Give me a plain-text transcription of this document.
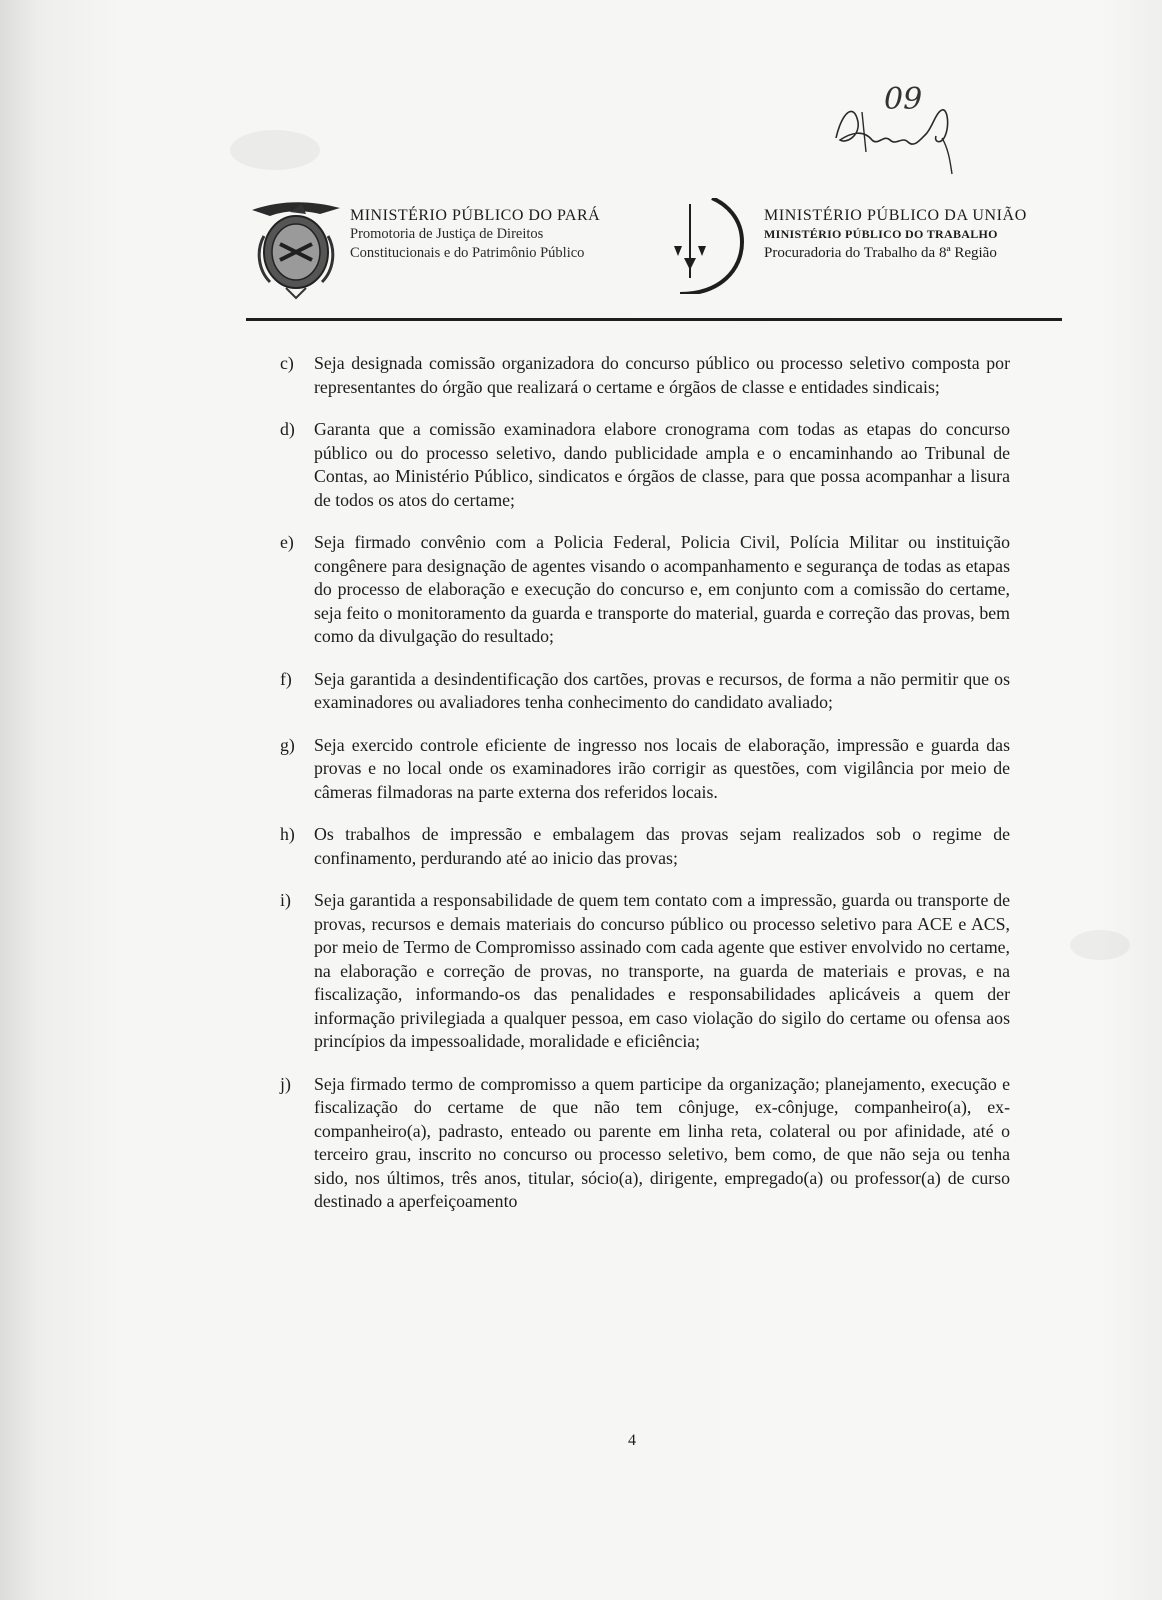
09
MINISTÉRIO PÚBLICO DO PARÁ
Promotoria de Justiça de Direitos
Constitucionais e do Patrimônio Público
MINISTÉRIO PÚBLICO DA UNIÃO
MINISTÉRIO PÚBLICO DO TRABALHO
Procuradoria do Trabalho da 8ª Região
c) Seja designada comissão organizadora do concurso público ou processo seletivo composta por representantes do órgão que realizará o certame e órgãos de classe e entidades sindicais;
d) Garanta que a comissão examinadora elabore cronograma com todas as etapas do concurso público ou do processo seletivo, dando publicidade ampla e o encaminhando ao Tribunal de Contas, ao Ministério Público, sindicatos e órgãos de classe, para que possa acompanhar a lisura de todos os atos do certame;
e) Seja firmado convênio com a Policia Federal, Policia Civil, Polícia Militar ou instituição congênere para designação de agentes visando o acompanhamento e segurança de todas as etapas do processo de elaboração e execução do concurso e, em conjunto com a comissão do certame, seja feito o monitoramento da guarda e transporte do material, guarda e correção das provas, bem como da divulgação do resultado;
f) Seja garantida a desindentificação dos cartões, provas e recursos, de forma a não permitir que os examinadores ou avaliadores tenha conhecimento do candidato avaliado;
g) Seja exercido controle eficiente de ingresso nos locais de elaboração, impressão e guarda das provas e no local onde os examinadores irão corrigir as questões, com vigilância por meio de câmeras filmadoras na parte externa dos referidos locais.
h) Os trabalhos de impressão e embalagem das provas sejam realizados sob o regime de confinamento, perdurando até ao inicio das provas;
i) Seja garantida a responsabilidade de quem tem contato com a impressão, guarda ou transporte de provas, recursos e demais materiais do concurso público ou processo seletivo para ACE e ACS, por meio de Termo de Compromisso assinado com cada agente que estiver envolvido no certame, na elaboração e correção de provas, no transporte, na guarda de materiais e provas, e na fiscalização, informando-os das penalidades e responsabilidades aplicáveis a quem der informação privilegiada a qualquer pessoa, em caso violação do sigilo do certame ou ofensa aos princípios da impessoalidade, moralidade e eficiência;
j) Seja firmado termo de compromisso a quem participe da organização; planejamento, execução e fiscalização do certame de que não tem cônjuge, ex-cônjuge, companheiro(a), ex- companheiro(a), padrasto, enteado ou parente em linha reta, colateral ou por afinidade, até o terceiro grau, inscrito no concurso ou processo seletivo, bem como, de que não seja ou tenha sido, nos últimos, três anos, titular, sócio(a), dirigente, empregado(a) ou professor(a) de curso destinado a aperfeiçoamento
4
